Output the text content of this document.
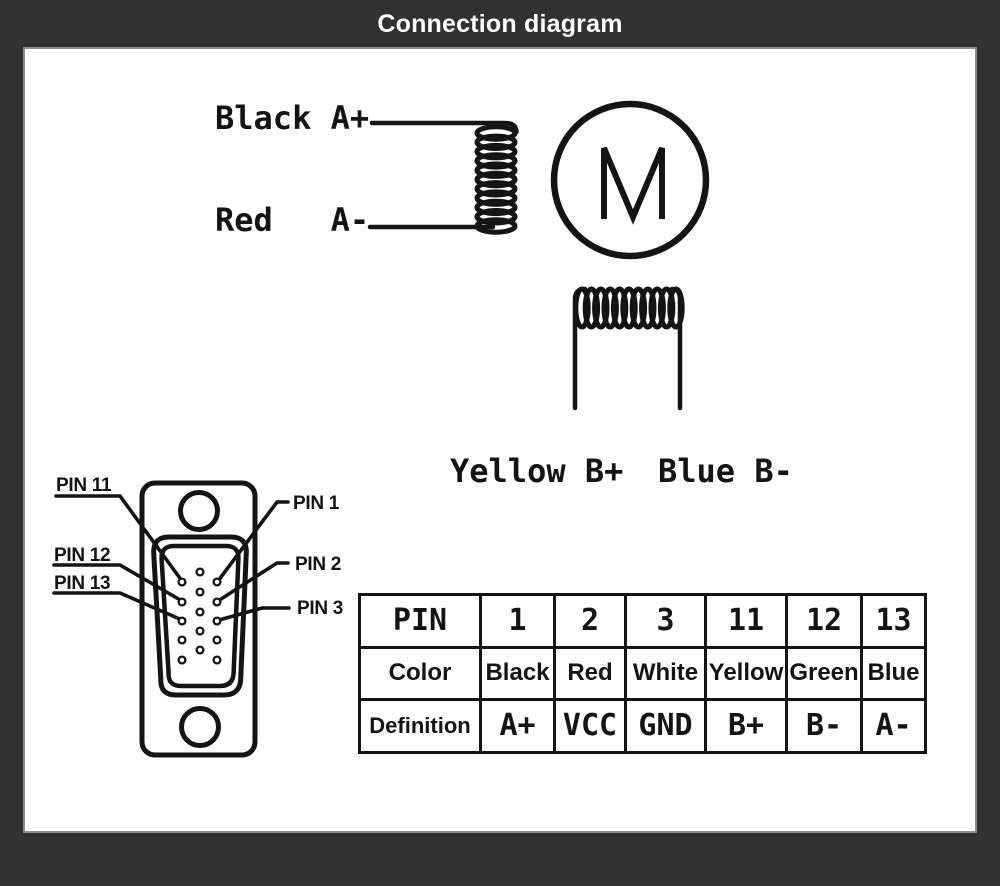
Connection diagram
Black A+
Red   A-
Yellow B+ Blue B-
PIN 11
PIN 12
PIN 13
PIN 1
PIN 2
PIN 3 PIN	1	2	3	11	12	13
Color	Black	Red	White	Yellow	Green	Blue
Definition	A+	VCC	GND	B+	B-	A-
